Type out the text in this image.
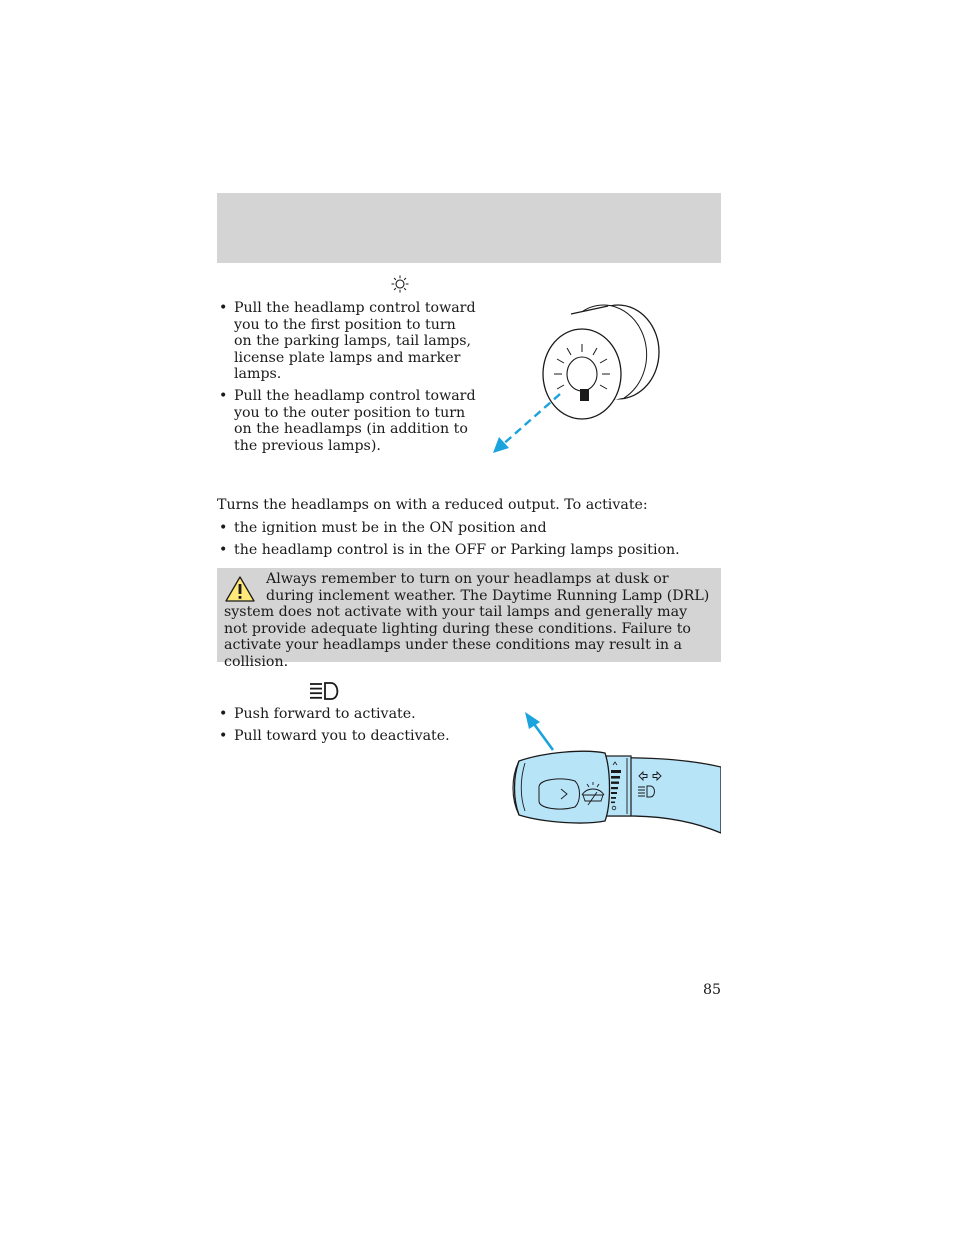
• Pull the headlamp control toward you to the first position to turn on the parking lamps, tail lamps, license plate lamps and marker lamps.
• Pull the headlamp control toward you to the outer position to turn on the headlamps (in addition to the previous lamps).

Turns the headlamps on with a reduced output. To activate:

• the ignition must be in the ON position and
• the headlamp control is in the OFF or Parking lamps position.

Always remember to turn on your headlamps at dusk or during inclement weather. The Daytime Running Lamp (DRL) system does not activate with your tail lamps and generally may not provide adequate lighting during these conditions. Failure to activate your headlamps under these conditions may result in a collision.

• Push forward to activate.
• Pull toward you to deactivate.
85
